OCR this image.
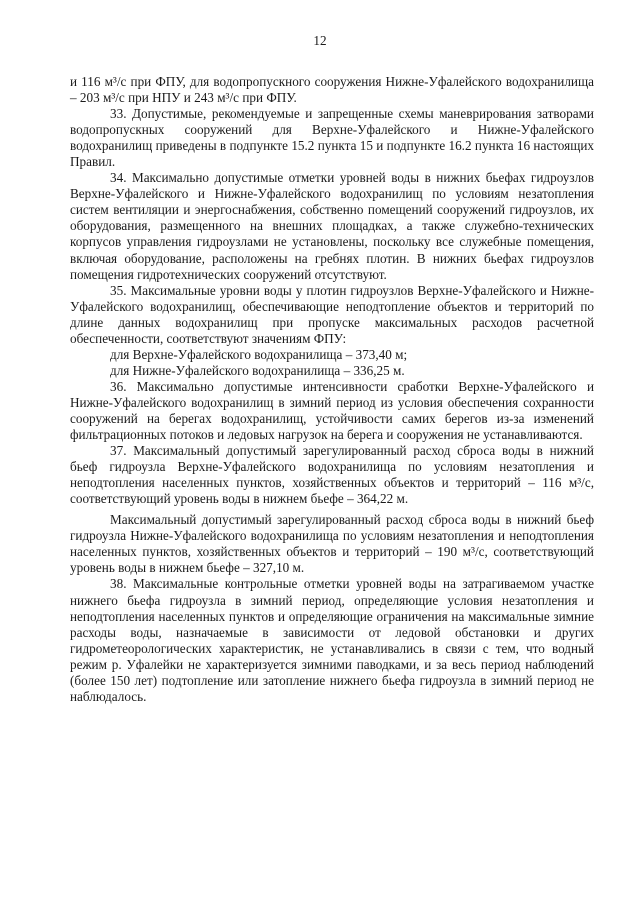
12

и 116 м³/с при ФПУ, для водопропускного сооружения Нижне-Уфалейского водохранилища – 203 м³/с при НПУ и 243 м³/с при ФПУ.

33. Допустимые, рекомендуемые и запрещенные схемы маневрирования затворами водопропускных сооружений для Верхне-Уфалейского и Нижне-Уфалейского водохранилищ приведены в подпункте 15.2 пункта 15 и подпункте 16.2 пункта 16 настоящих Правил.

34. Максимально допустимые отметки уровней воды в нижних бьефах гидроузлов Верхне-Уфалейского и Нижне-Уфалейского водохранилищ по условиям незатопления систем вентиляции и энергоснабжения, собственно помещений сооружений гидроузлов, их оборудования, размещенного на внешних площадках, а также служебно-технических корпусов управления гидроузлами не установлены, поскольку все служебные помещения, включая оборудование, расположены на гребнях плотин. В нижних бьефах гидроузлов помещения гидротехнических сооружений отсутствуют.

35. Максимальные уровни воды у плотин гидроузлов Верхне-Уфалейского и Нижне-Уфалейского водохранилищ, обеспечивающие неподтопление объектов и территорий по длине данных водохранилищ при пропуске максимальных расходов расчетной обеспеченности, соответствуют значениям ФПУ:

для Верхне-Уфалейского водохранилища – 373,40 м;

для Нижне-Уфалейского водохранилища – 336,25 м.

36. Максимально допустимые интенсивности сработки Верхне-Уфалейского и Нижне-Уфалейского водохранилищ в зимний период из условия обеспечения сохранности сооружений на берегах водохранилищ, устойчивости самих берегов из-за изменений фильтрационных потоков и ледовых нагрузок на берега и сооружения не устанавливаются.

37. Максимальный допустимый зарегулированный расход сброса воды в нижний бьеф гидроузла Верхне-Уфалейского водохранилища по условиям незатопления и неподтопления населенных пунктов, хозяйственных объектов и территорий – 116 м³/с, соответствующий уровень воды в нижнем бьефе – 364,22 м.

Максимальный допустимый зарегулированный расход сброса воды в нижний бьеф гидроузла Нижне-Уфалейского водохранилища по условиям незатопления и неподтопления населенных пунктов, хозяйственных объектов и территорий – 190 м³/с, соответствующий уровень воды в нижнем бьефе – 327,10 м.

38. Максимальные контрольные отметки уровней воды на затрагиваемом участке нижнего бьефа гидроузла в зимний период, определяющие условия незатопления и неподтопления населенных пунктов и определяющие ограничения на максимальные зимние расходы воды, назначаемые в зависимости от ледовой обстановки и других гидрометеорологических характеристик, не устанавливались в связи с тем, что водный режим р. Уфалейки не характеризуется зимними паводками, и за весь период наблюдений (более 150 лет) подтопление или затопление нижнего бьефа гидроузла в зимний период не наблюдалось.
